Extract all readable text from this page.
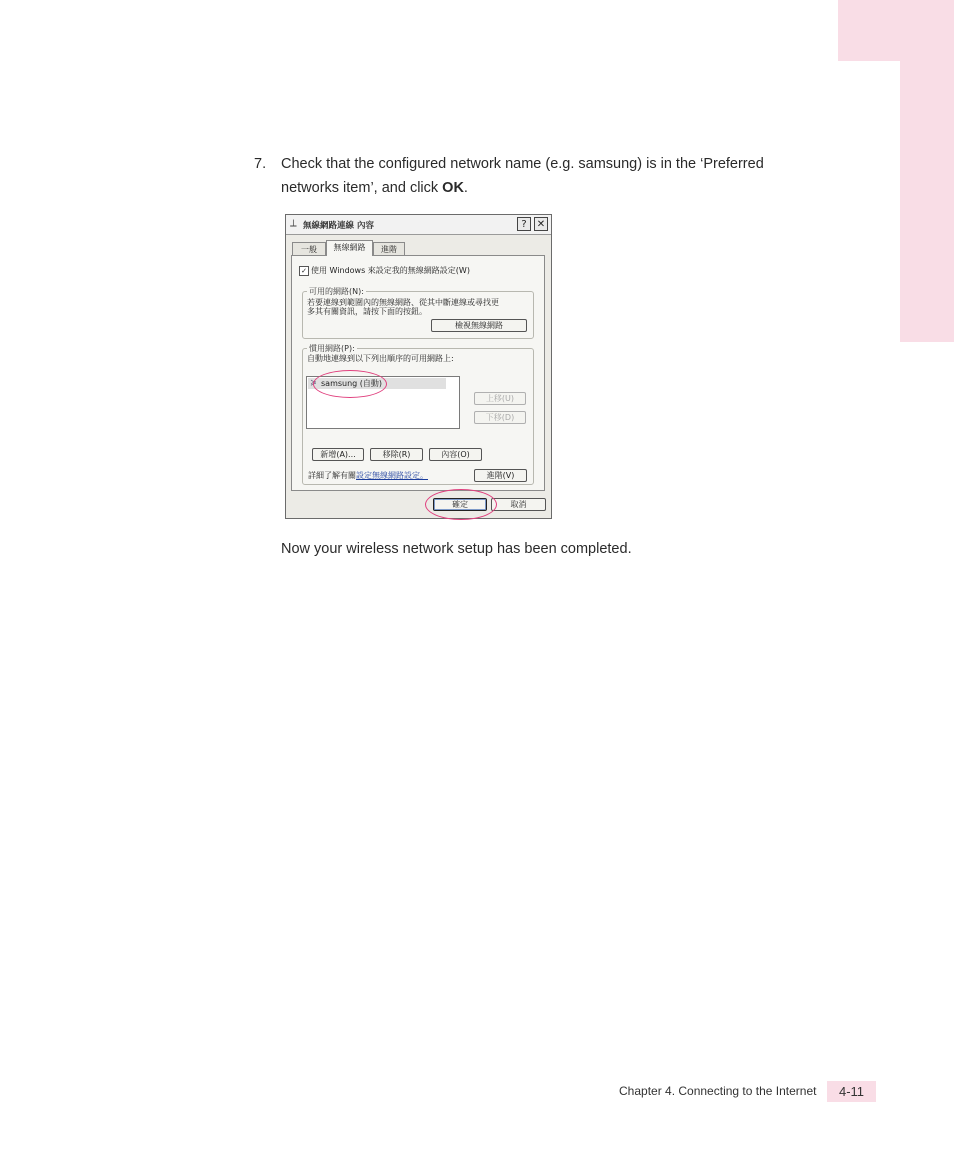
7. Check that the configured network name (e.g. samsung) is in the ‘Preferred networks item’, and click OK.
⟂ 無線網路連線 內容	?	✕
一般	無線網路	進階
✓ 使用 Windows 來設定我的無線網路設定(W)
可用的網路(N):
若要連線到範圍內的無線網路、從其中斷連線或尋找更
多其有關資訊，請按下面的按鈕。
檢視無線網路
慣用網路(P):
自動地連線到以下列出順序的可用網路上:
上移(U)
下移(D)
新增(A)...	移除(R)	內容(O)
詳細了解有關設定無線網路設定。	進階(V)
≽ samsung (自動)
確定	取消
Now your wireless network setup has been completed.
Chapter 4. Connecting to the Internet	4-11
